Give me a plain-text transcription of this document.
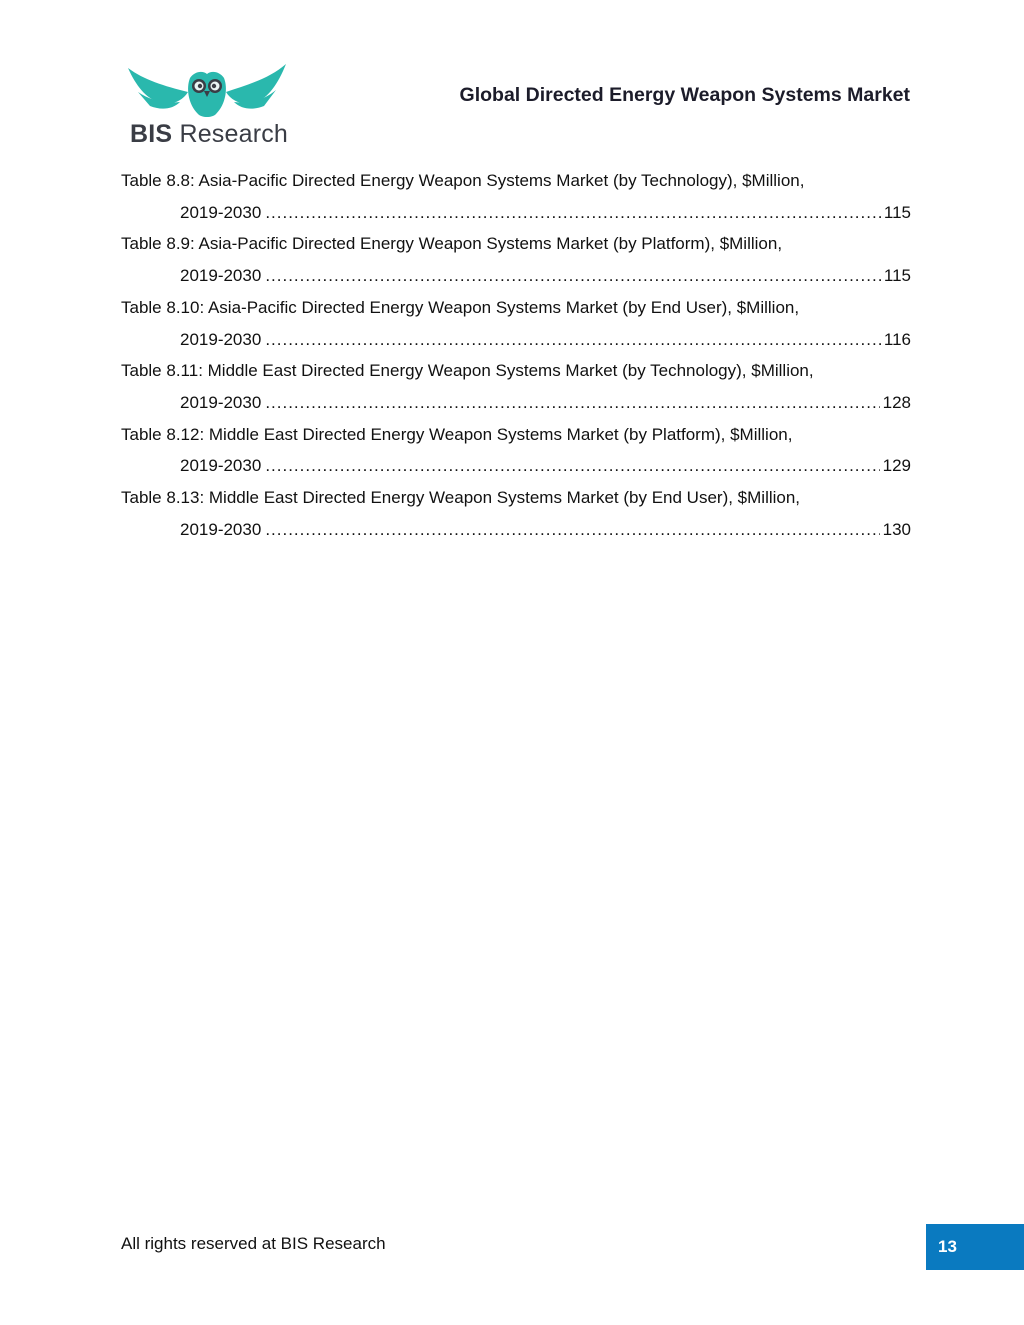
BIS Research
Global Directed Energy Weapon Systems Market
Table 8.8: Asia-Pacific Directed Energy Weapon Systems Market (by Technology), $Million,
2019-2030 .....	115
Table 8.9: Asia-Pacific Directed Energy Weapon Systems Market (by Platform), $Million,
2019-2030 .....	115
Table 8.10: Asia-Pacific Directed Energy Weapon Systems Market (by End User), $Million,
2019-2030 .....	116
Table 8.11: Middle East Directed Energy Weapon Systems Market (by Technology), $Million,
2019-2030 .....	128
Table 8.12: Middle East Directed Energy Weapon Systems Market (by Platform), $Million,
2019-2030 .....	129
Table 8.13: Middle East Directed Energy Weapon Systems Market (by End User), $Million,
2019-2030 .....	130
All rights reserved at BIS Research	13
